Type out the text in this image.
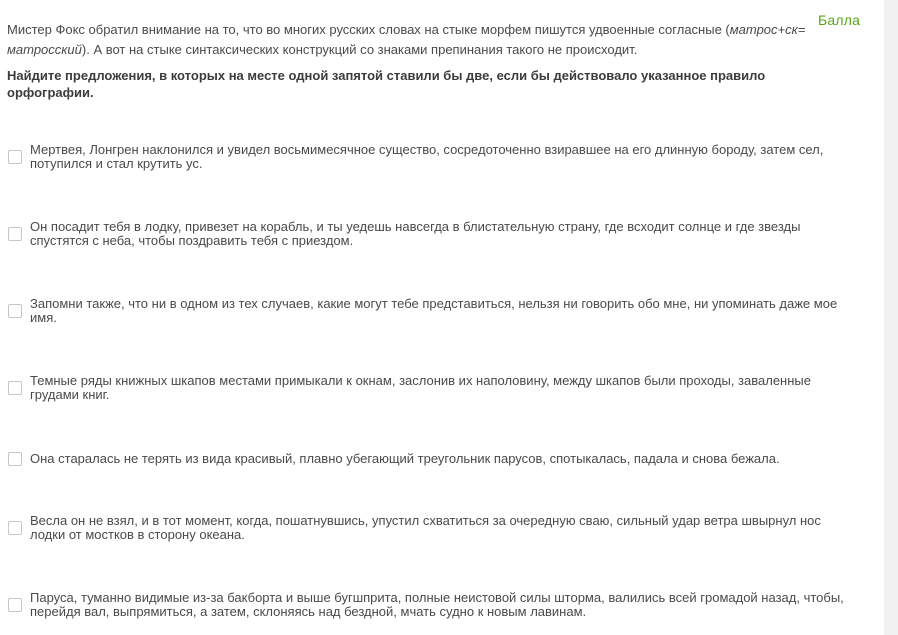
Балла
Мистер Фокс обратил внимание на то, что во многих русских словах на стыке морфем пишутся удвоенные согласные (матрос+ск= матросский). А вот на стыке синтаксических конструкций со знаками препинания такого не происходит.
Найдите предложения, в которых на месте одной запятой ставили бы две, если бы действовало указанное правило орфографии.
Мертвея, Лонгрен наклонился и увидел восьмимесячное существо, сосредоточенно взиравшее на его длинную бороду, затем сел, потупился и стал крутить ус.
Он посадит тебя в лодку, привезет на корабль, и ты уедешь навсегда в блистательную страну, где всходит солнце и где звезды спустятся с неба, чтобы поздравить тебя с приездом.
Запомни также, что ни в одном из тех случаев, какие могут тебе представиться, нельзя ни говорить обо мне, ни упоминать даже мое имя.
Темные ряды книжных шкапов местами примыкали к окнам, заслонив их наполовину, между шкапов были проходы, заваленные грудами книг.
Она старалась не терять из вида красивый, плавно убегающий треугольник парусов, спотыкалась, падала и снова бежала.
Весла он не взял, и в тот момент, когда, пошатнувшись, упустил схватиться за очередную сваю, сильный удар ветра швырнул нос лодки от мостков в сторону океана.
Паруса, туманно видимые из-за бакборта и выше бугшприта, полные неистовой силы шторма, валились всей громадой назад, чтобы, перейдя вал, выпрямиться, а затем, склоняясь над бездной, мчать судно к новым лавинам.
